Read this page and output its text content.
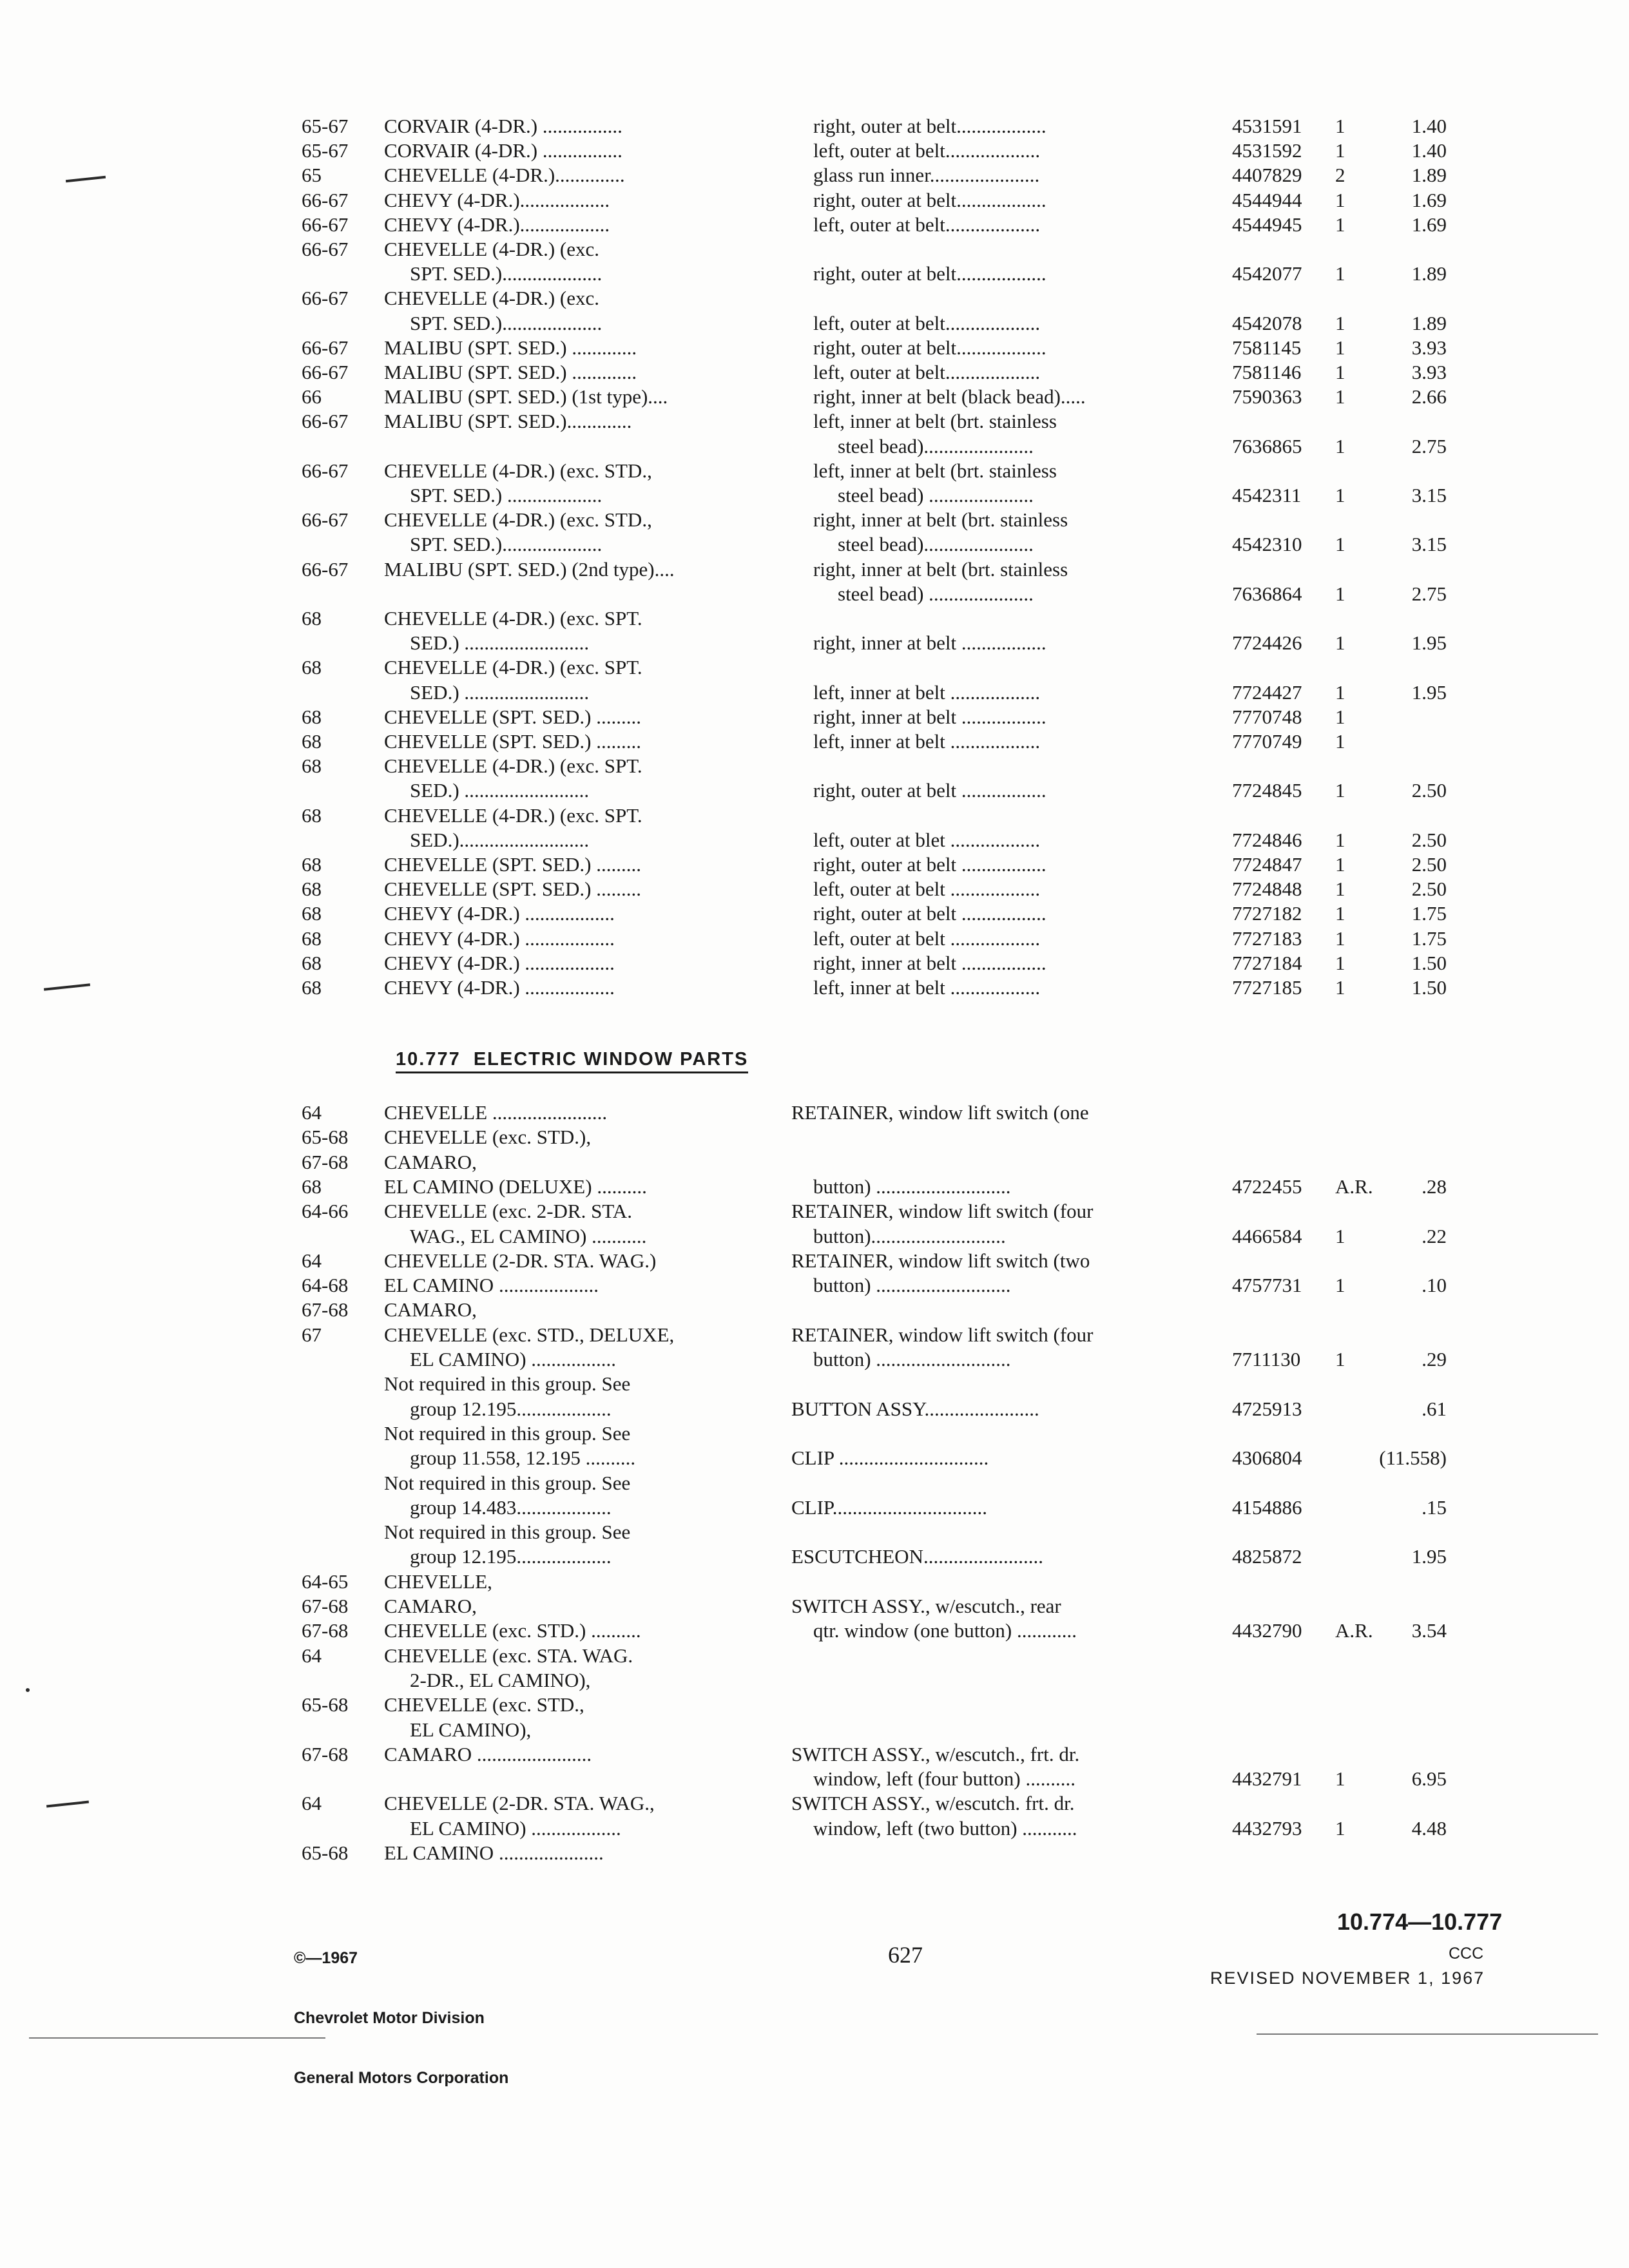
65-67 CORVAIR (4-DR.) ................	right, outer at belt..................	4531591 1	1.40
65-67 CORVAIR (4-DR.) ................	left, outer at belt...................	4531592 1	1.40
65	CHEVELLE (4-DR.)..............	glass run inner......................	4407829 2	1.89
66-67 CHEVY (4-DR.)..................	right, outer at belt..................	4544944 1	1.69
66-67 CHEVY (4-DR.)..................	left, outer at belt...................	4544945 1	1.69
66-67 CHEVELLE (4-DR.) (exc.
SPT. SED.)....................	right, outer at belt..................	4542077 1	1.89
66-67 CHEVELLE (4-DR.) (exc.
SPT. SED.)....................	left, outer at belt...................	4542078 1	1.89
66-67 MALIBU (SPT. SED.) .............	right, outer at belt..................	7581145 1	3.93
66-67 MALIBU (SPT. SED.) .............	left, outer at belt...................	7581146 1	3.93
66	MALIBU (SPT. SED.) (1st type)....	right, inner at belt (black bead).....	7590363 1	2.66
66-67 MALIBU (SPT. SED.).............	left, inner at belt (brt. stainless
steel bead)......................	7636865 1	2.75
66-67 CHEVELLE (4-DR.) (exc. STD.,	left, inner at belt (brt. stainless
SPT. SED.) ...................	steel bead) .....................	4542311 1	3.15
66-67 CHEVELLE (4-DR.) (exc. STD.,	right, inner at belt (brt. stainless
SPT. SED.)....................	steel bead)......................	4542310 1	3.15
66-67 MALIBU (SPT. SED.) (2nd type)....	right, inner at belt (brt. stainless
steel bead) .....................	7636864 1	2.75
68	CHEVELLE (4-DR.) (exc. SPT.
SED.) .........................	right, inner at belt .................	7724426 1	1.95
68	CHEVELLE (4-DR.) (exc. SPT.
SED.) .........................	left, inner at belt ..................	7724427 1	1.95
68	CHEVELLE (SPT. SED.) .........	right, inner at belt .................	7770748 1
68	CHEVELLE (SPT. SED.) .........	left, inner at belt ..................	7770749 1
68	CHEVELLE (4-DR.) (exc. SPT.
SED.) .........................	right, outer at belt .................	7724845 1	2.50
68	CHEVELLE (4-DR.) (exc. SPT.
SED.)..........................	left, outer at blet ..................	7724846 1	2.50
68	CHEVELLE (SPT. SED.) .........	right, outer at belt .................	7724847 1	2.50
68	CHEVELLE (SPT. SED.) .........	left, outer at belt ..................	7724848 1	2.50
68	CHEVY (4-DR.) ..................	right, outer at belt .................	7727182 1	1.75
68	CHEVY (4-DR.) ..................	left, outer at belt ..................	7727183 1	1.75
68	CHEVY (4-DR.) ..................	right, inner at belt .................	7727184 1	1.50
68	CHEVY (4-DR.) ..................	left, inner at belt ..................	7727185 1	1.50
10.777  ELECTRIC WINDOW PARTS
64	CHEVELLE .......................	RETAINER, window lift switch (one
65-68 CHEVELLE (exc. STD.),
67-68 CAMARO,
68	EL CAMINO (DELUXE) ..........	button) ...........................	4722455 A.R.	.28
64-66 CHEVELLE (exc. 2-DR. STA.	RETAINER, window lift switch (four
WAG., EL CAMINO) ...........	button)...........................	4466584 1	.22
64	CHEVELLE (2-DR. STA. WAG.)	RETAINER, window lift switch (two
64-68 EL CAMINO ....................	button) ...........................	4757731 1	.10
67-68 CAMARO,
67	CHEVELLE (exc. STD., DELUXE,	RETAINER, window lift switch (four
EL CAMINO) .................	button) ...........................	7711130 1	.29
Not required in this group. See
group 12.195...................	BUTTON ASSY.......................	4725913	.61
Not required in this group. See
group 11.558, 12.195 ..........	CLIP ..............................	4306804	(11.558)
Not required in this group. See
group 14.483...................	CLIP...............................	4154886	.15
Not required in this group. See
group 12.195...................	ESCUTCHEON........................	4825872	1.95
64-65 CHEVELLE,
67-68 CAMARO,	SWITCH ASSY., w/escutch., rear
67-68 CHEVELLE (exc. STD.) ..........	qtr. window (one button) ............	4432790 A.R.	3.54
64	CHEVELLE (exc. STA. WAG.
2-DR., EL CAMINO),
65-68 CHEVELLE (exc. STD.,
EL CAMINO),
67-68 CAMARO .......................	SWITCH ASSY., w/escutch., frt. dr.
window, left (four button) ..........	4432791 1	6.95
64	CHEVELLE (2-DR. STA. WAG.,	SWITCH ASSY., w/escutch. frt. dr.
EL CAMINO) ..................	window, left (two button) ...........	4432793 1	4.48
65-68 EL CAMINO .....................

©—1967

Chevrolet Motor Division

General Motors Corporation

627
10.774—10.777
CCC
REVISED NOVEMBER 1, 1967
